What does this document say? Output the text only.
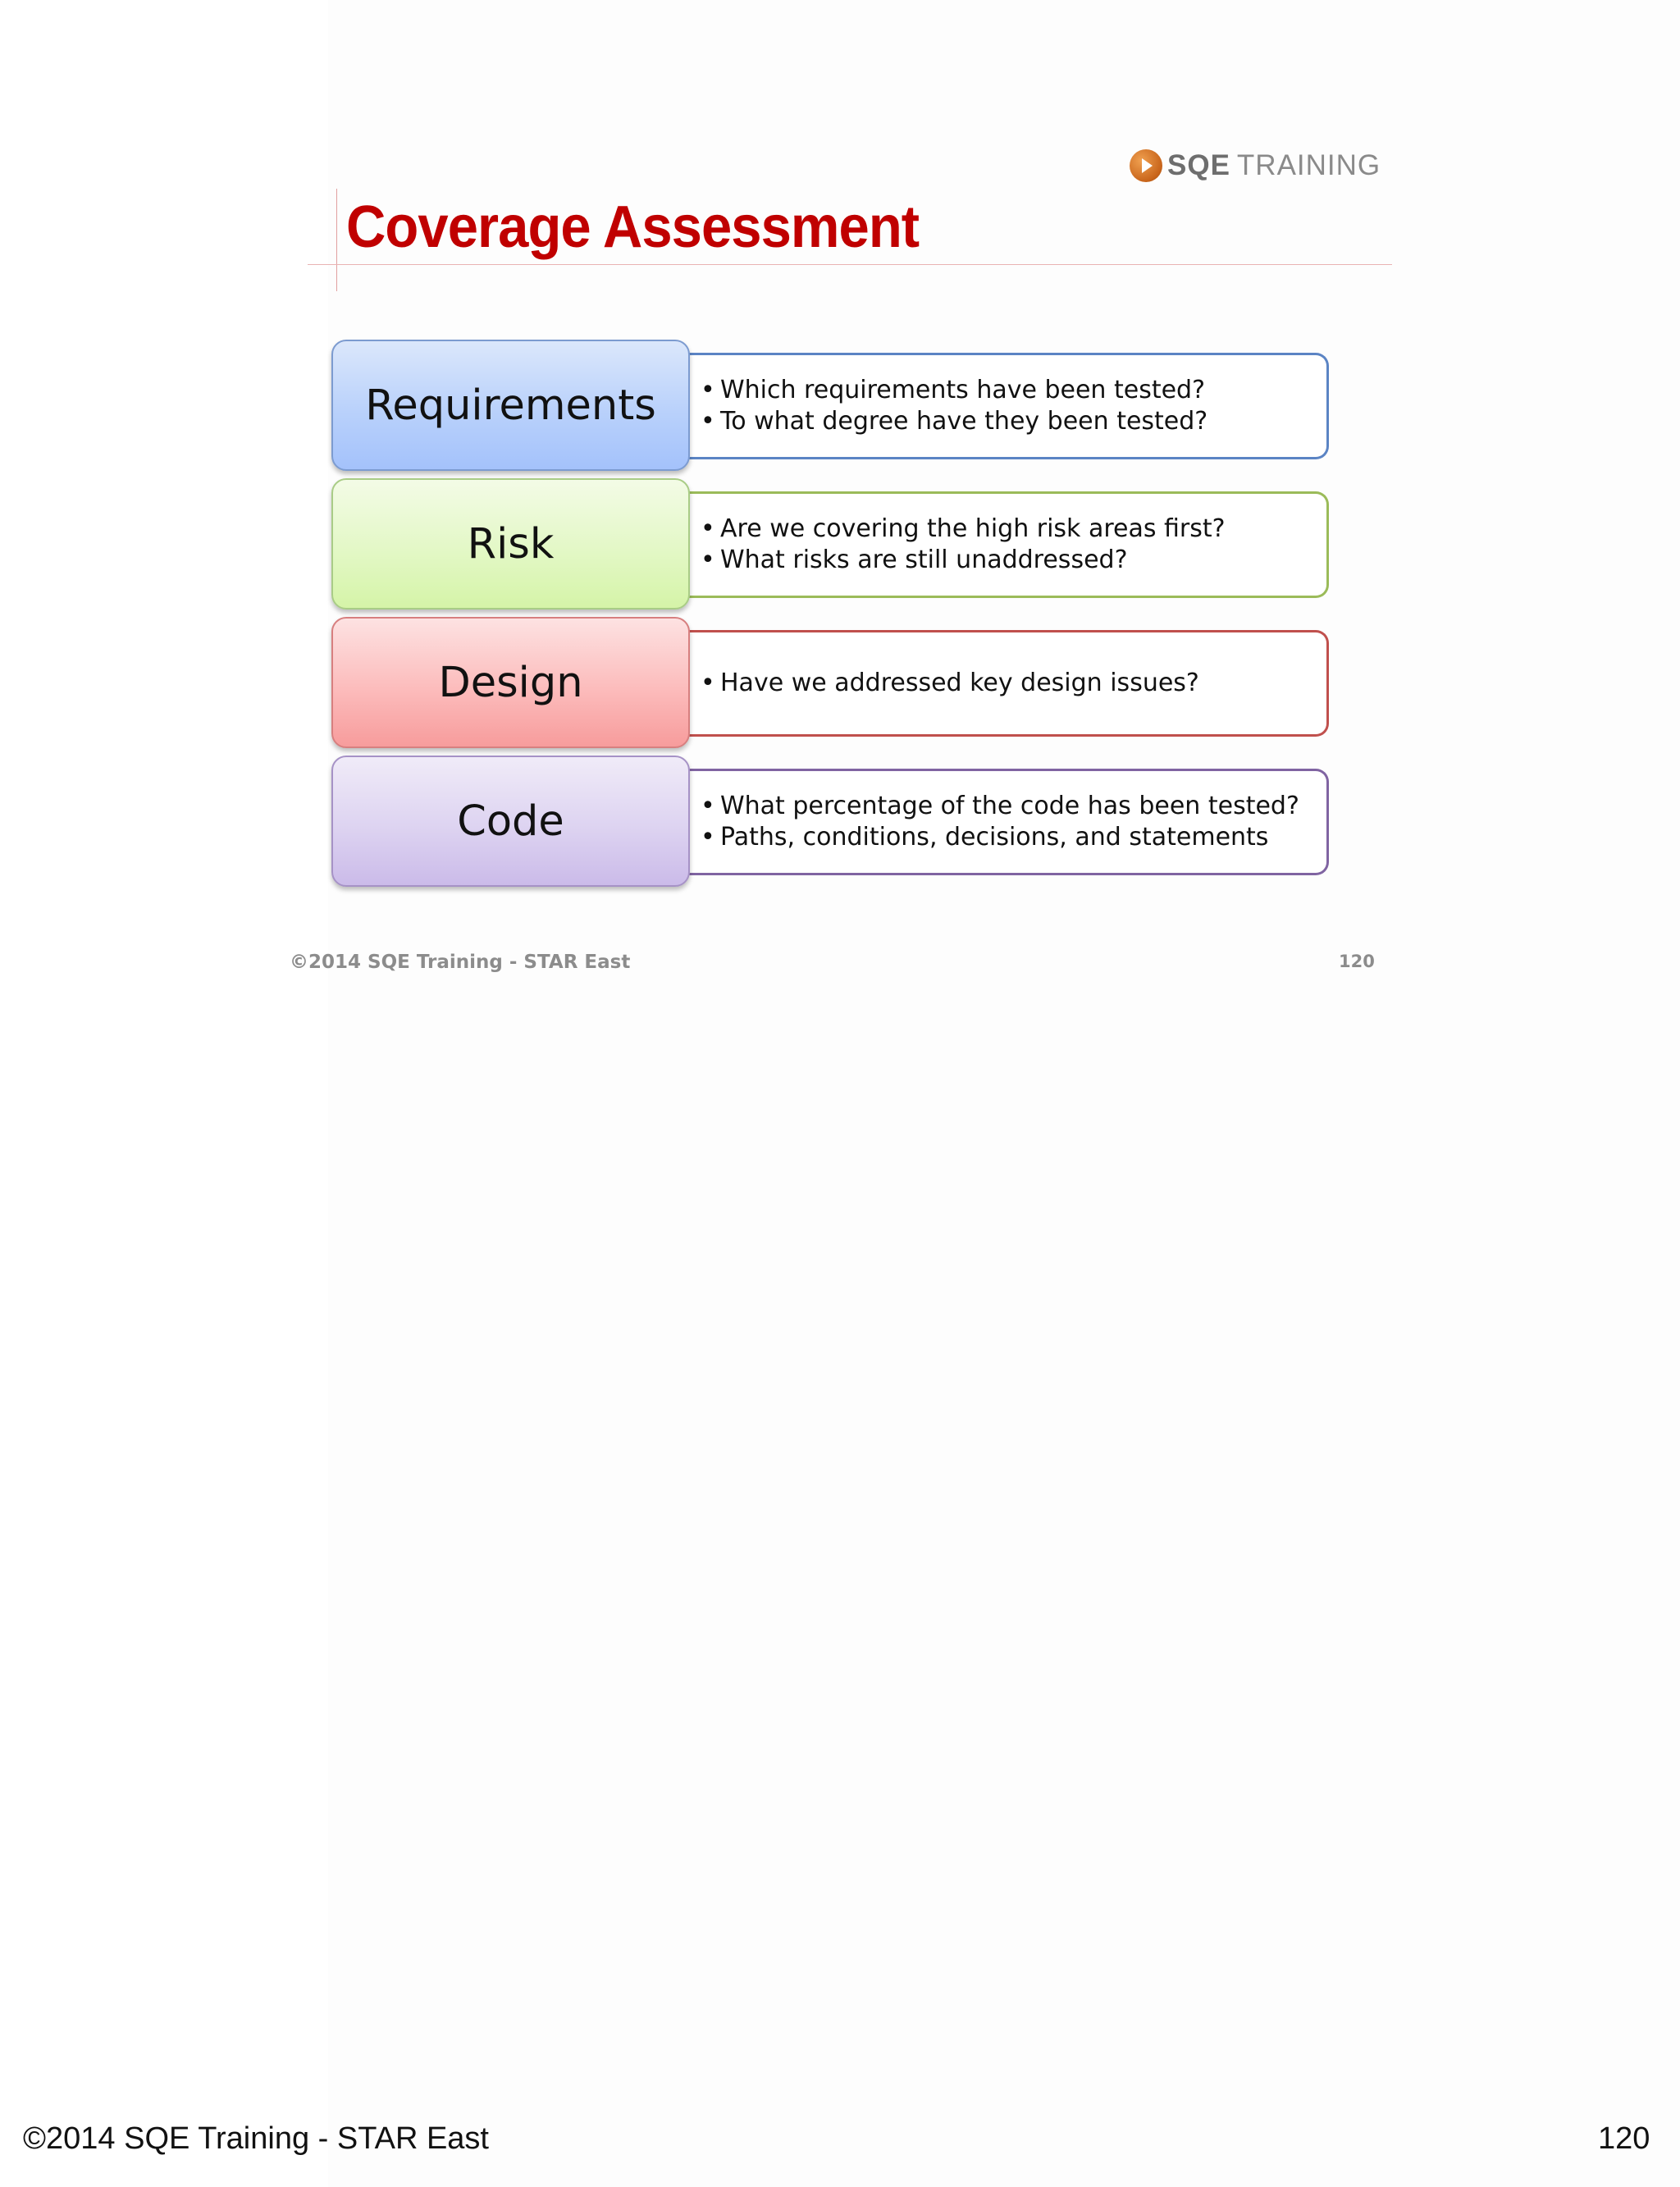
SQE TRAINING
Coverage Assessment
Requirements	• Which requirements have been tested?
• To what degree have they been tested?
Risk	• Are we covering the high risk areas first?
• What risks are still unaddressed?
Design	• Have we addressed key design issues?
Code	• What percentage of the code has been tested?
• Paths, conditions, decisions, and statements
©2014 SQE Training - STAR East	120
©2014 SQE Training - STAR East	120
